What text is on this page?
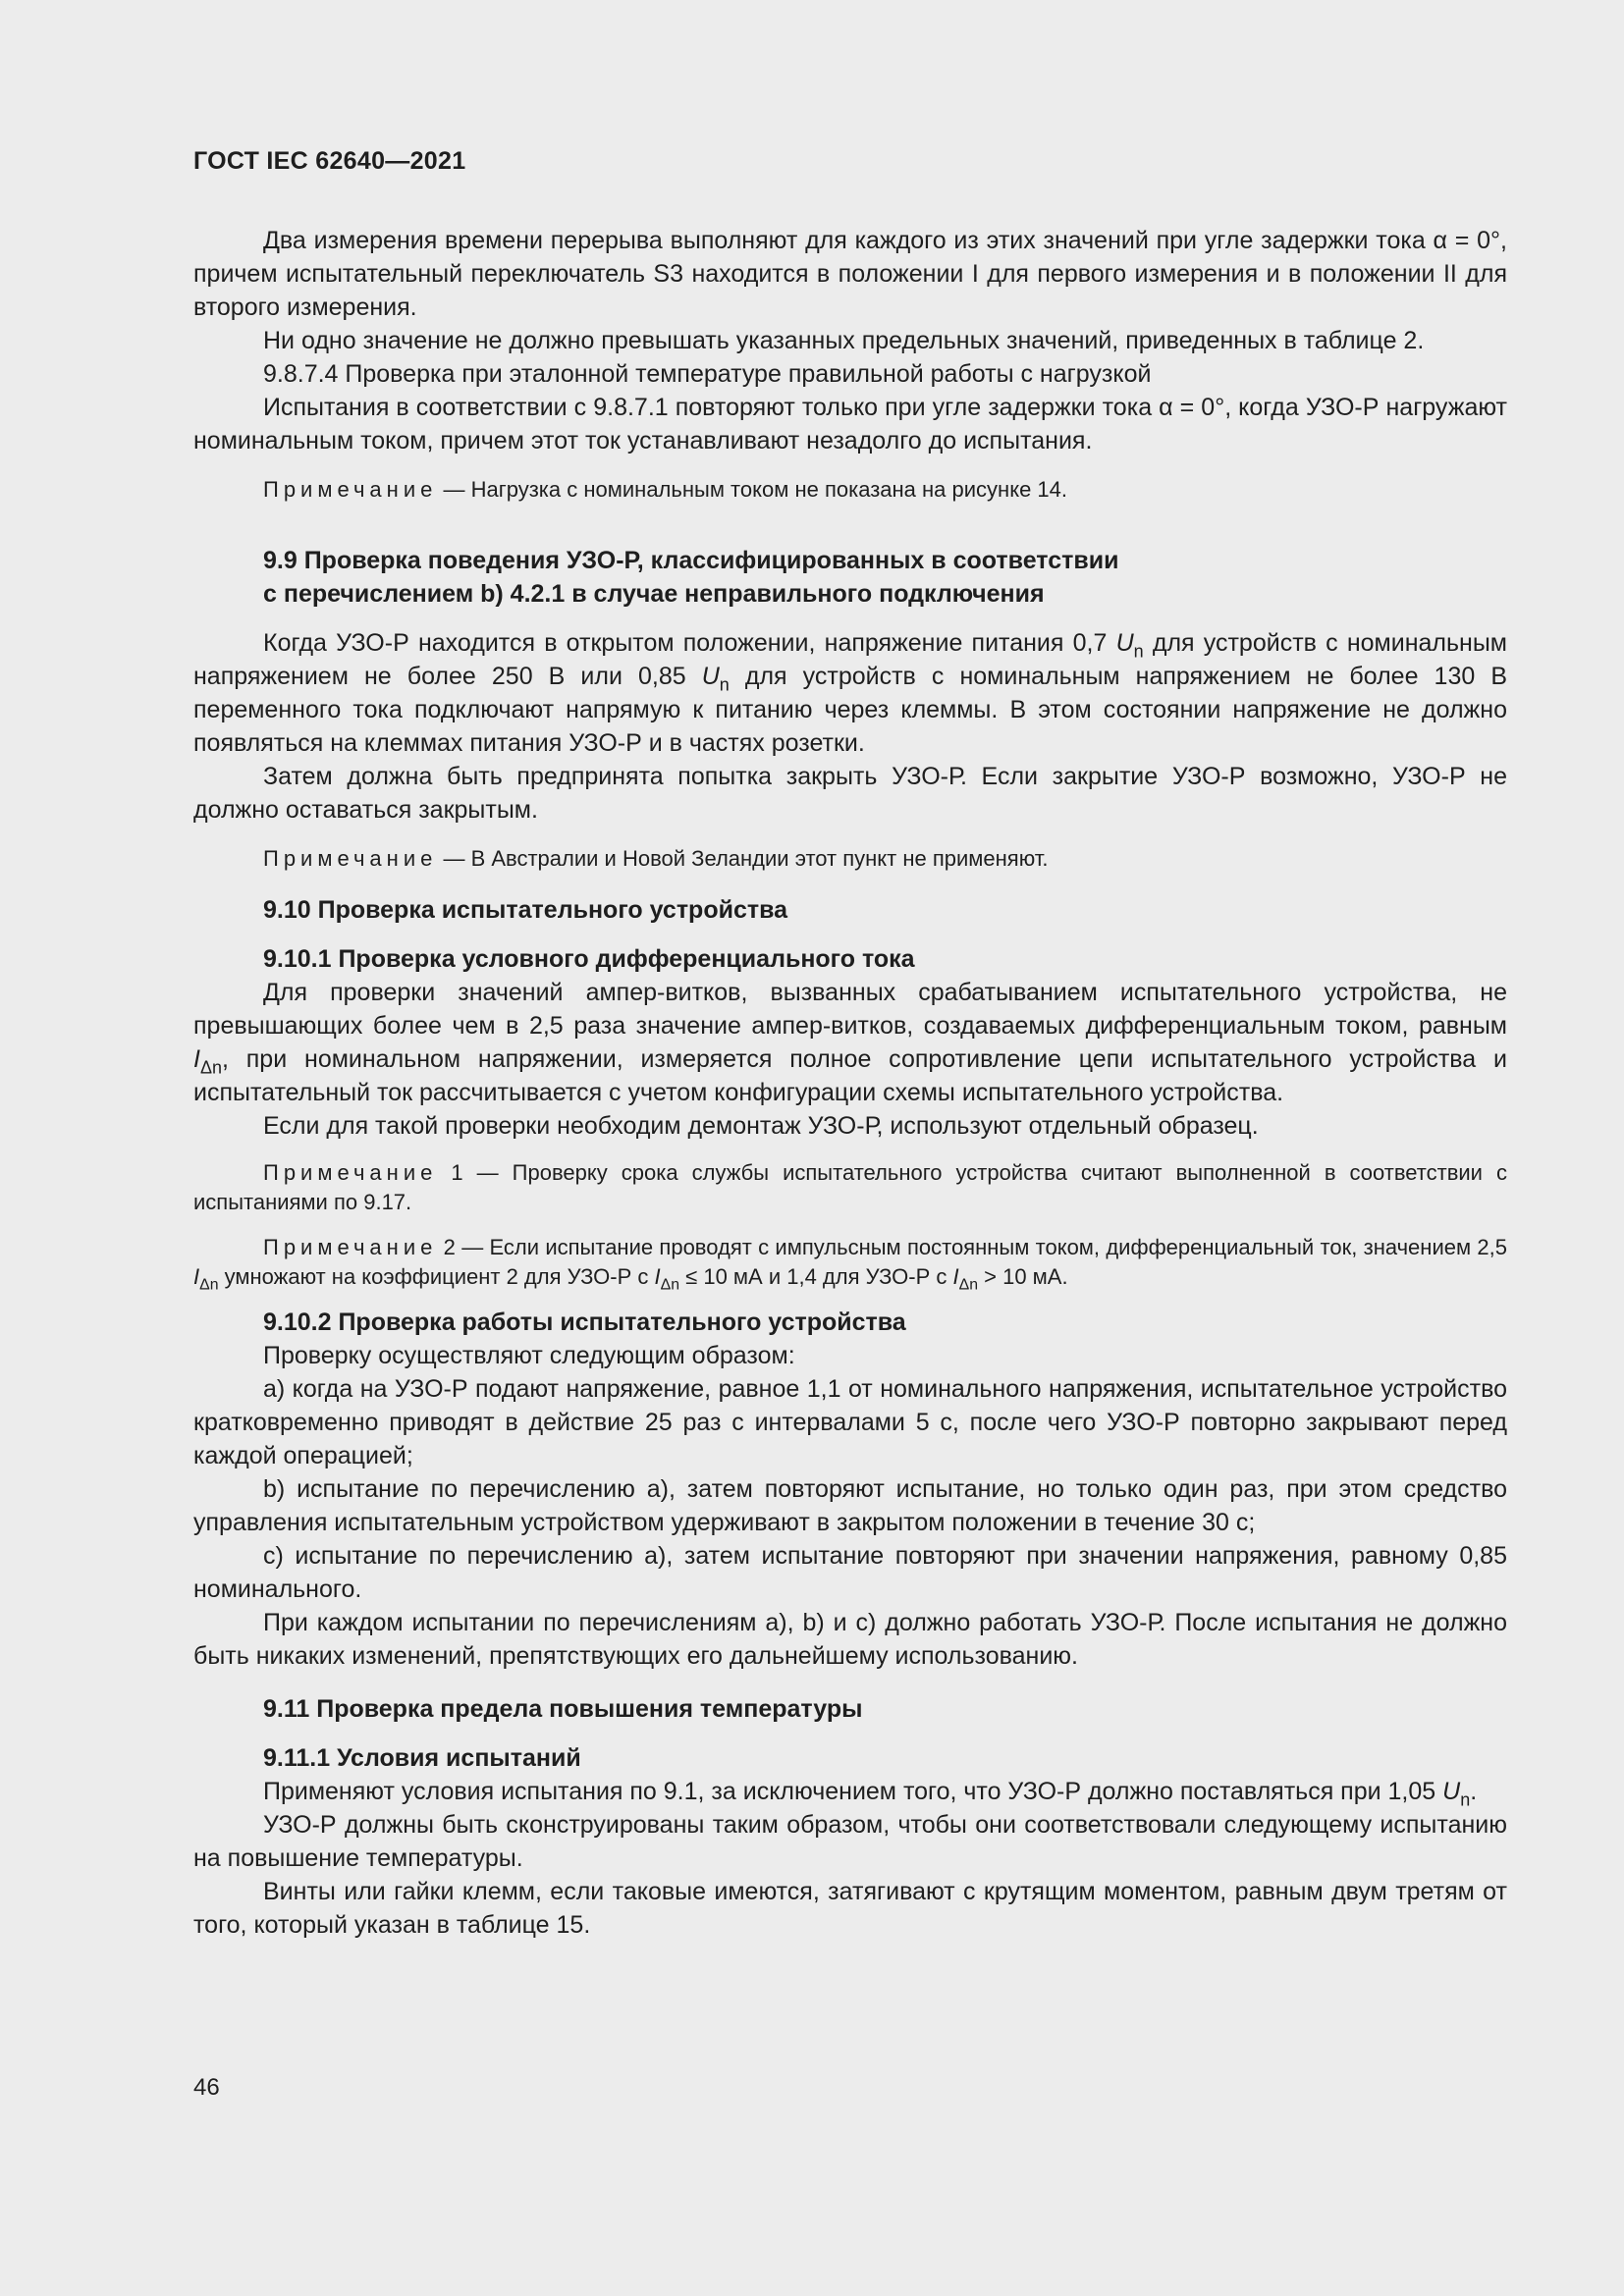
ГОСТ IEC 62640—2021

Два измерения времени перерыва выполняют для каждого из этих значений при угле задержки тока α = 0°, причем испытательный переключатель S3 находится в положении I для первого измерения и в положении II для второго измерения.

Ни одно значение не должно превышать указанных предельных значений, приведенных в таблице 2.

9.8.7.4 Проверка при эталонной температуре правильной работы с нагрузкой

Испытания в соответствии с 9.8.7.1 повторяют только при угле задержки тока α = 0°, когда УЗО-Р нагружают номинальным током, причем этот ток устанавливают незадолго до испытания.

Примечание — Нагрузка с номинальным током не показана на рисунке 14.

9.9 Проверка поведения УЗО-Р, классифицированных в соответствии
с перечислением b) 4.2.1 в случае неправильного подключения

Когда УЗО-Р находится в открытом положении, напряжение питания 0,7 $U_n$ для устройств с номинальным напряжением не более 250 В или 0,85 $U_n$ для устройств с номинальным напряжением не более 130 В переменного тока подключают напрямую к питанию через клеммы. В этом состоянии напряжение не должно появляться на клеммах питания УЗО-Р и в частях розетки.

Затем должна быть предпринята попытка закрыть УЗО-Р. Если закрытие УЗО-Р возможно, УЗО-Р не должно оставаться закрытым.

Примечание — В Австралии и Новой Зеландии этот пункт не применяют.

9.10 Проверка испытательного устройства
9.10.1 Проверка условного дифференциального тока

Для проверки значений ампер-витков, вызванных срабатыванием испытательного устройства, не превышающих более чем в 2,5 раза значение ампер-витков, создаваемых дифференциальным током, равным $I_{\Delta n}$, при номинальном напряжении, измеряется полное сопротивление цепи испытательного устройства и испытательный ток рассчитывается с учетом конфигурации схемы испытательного устройства.

Если для такой проверки необходим демонтаж УЗО-Р, используют отдельный образец.

Примечание 1 — Проверку срока службы испытательного устройства считают выполненной в соответствии с испытаниями по 9.17.

Примечание 2 — Если испытание проводят с импульсным постоянным током, дифференциальный ток, значением 2,5 $I_{\Delta n}$ умножают на коэффициент 2 для УЗО-Р с $I_{\Delta n} \le 10$ мА и 1,4 для УЗО-Р с $I_{\Delta n} > 10$ мА.

9.10.2 Проверка работы испытательного устройства

Проверку осуществляют следующим образом:

a) когда на УЗО-Р подают напряжение, равное 1,1 от номинального напряжения, испытательное устройство кратковременно приводят в действие 25 раз с интервалами 5 с, после чего УЗО-Р повторно закрывают перед каждой операцией;

b) испытание по перечислению a), затем повторяют испытание, но только один раз, при этом средство управления испытательным устройством удерживают в закрытом положении в течение 30 с;

c) испытание по перечислению a), затем испытание повторяют при значении напряжения, равному 0,85 номинального.

При каждом испытании по перечислениям a), b) и c) должно работать УЗО-Р. После испытания не должно быть никаких изменений, препятствующих его дальнейшему использованию.

9.11 Проверка предела повышения температуры
9.11.1 Условия испытаний

Применяют условия испытания по 9.1, за исключением того, что УЗО-Р должно поставляться при 1,05 $U_n$.

УЗО-Р должны быть сконструированы таким образом, чтобы они соответствовали следующему испытанию на повышение температуры.

Винты или гайки клемм, если таковые имеются, затягивают с крутящим моментом, равным двум третям от того, который указан в таблице 15.

46
